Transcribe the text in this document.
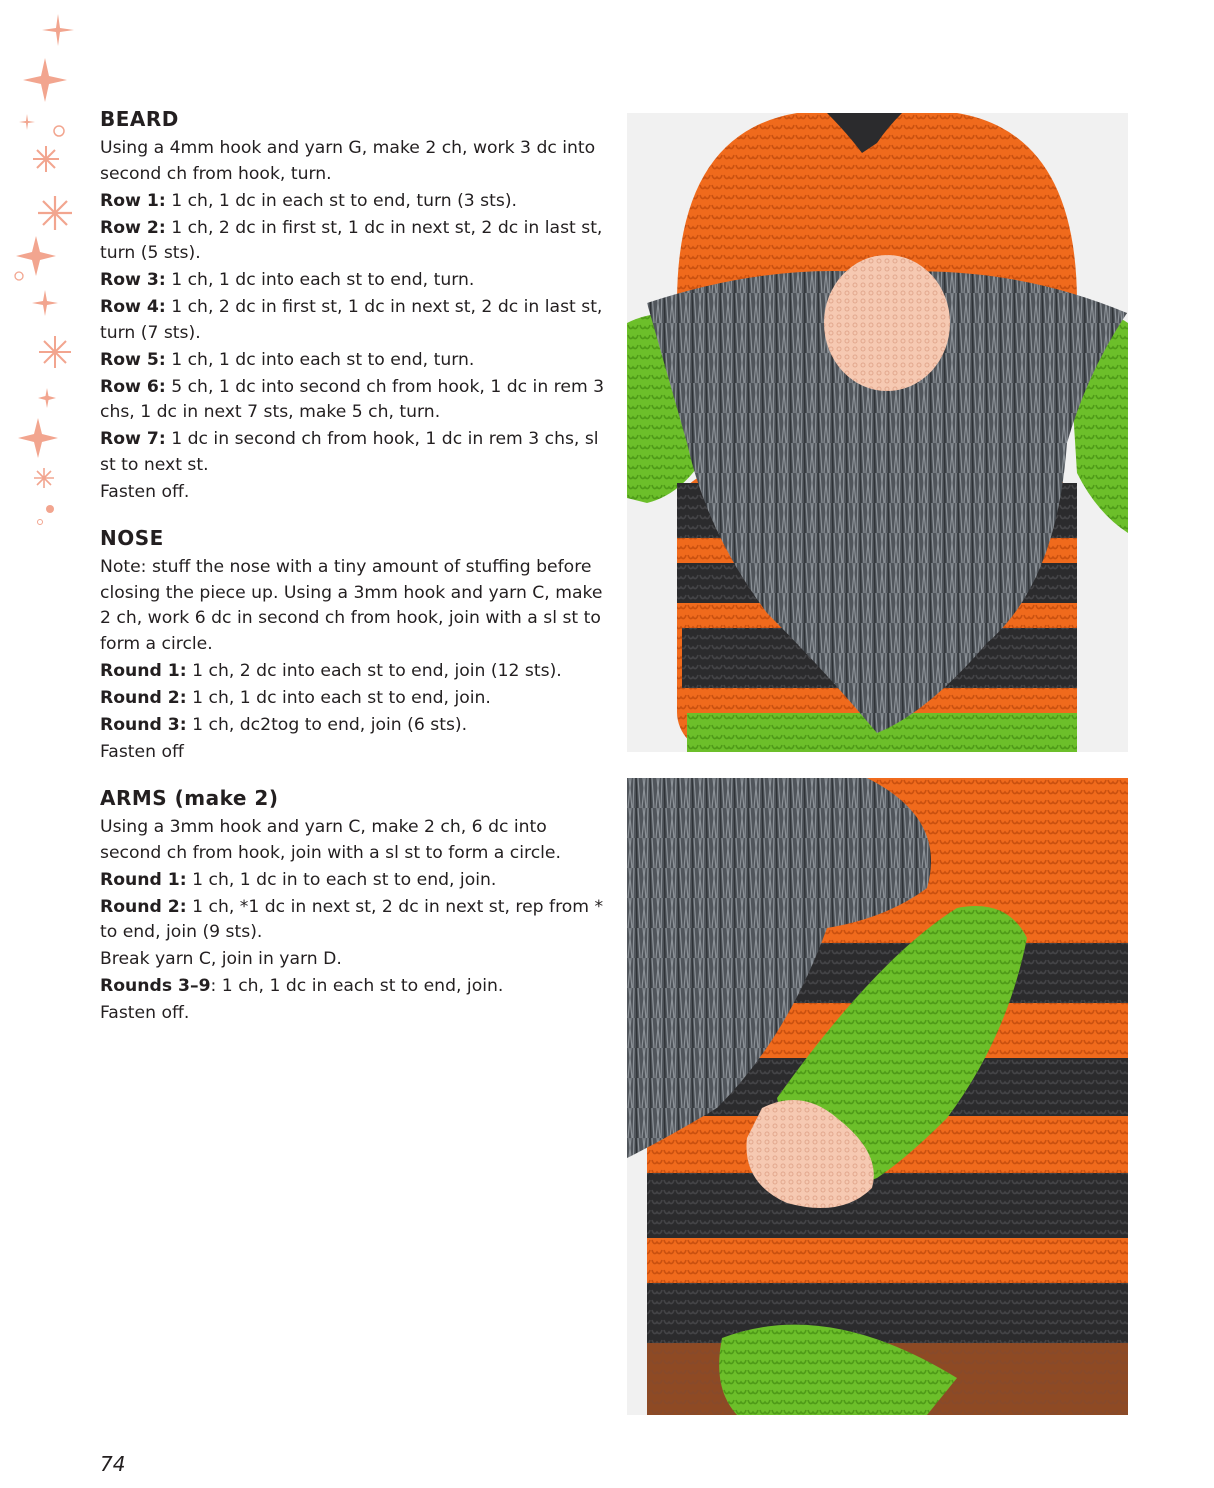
BEARD
Using a 4mm hook and yarn G, make 2 ch, work 3 dc into second ch from hook, turn.
Row 1: 1 ch, 1 dc in each st to end, turn (3 sts).
Row 2: 1 ch, 2 dc in first st, 1 dc in next st, 2 dc in last st, turn (5 sts).
Row 3: 1 ch, 1 dc into each st to end, turn.
Row 4: 1 ch, 2 dc in first st, 1 dc in next st, 2 dc in last st, turn (7 sts).
Row 5: 1 ch, 1 dc into each st to end, turn.
Row 6: 5 ch, 1 dc into second ch from hook, 1 dc in rem 3 chs, 1 dc in next 7 sts, make 5 ch, turn.
Row 7: 1 dc in second ch from hook, 1 dc in rem 3 chs, sl st to next st.
Fasten off.
NOSE
Note: stuff the nose with a tiny amount of stuffing before closing the piece up. Using a 3mm hook and yarn C, make 2 ch, work 6 dc in second ch from hook, join with a sl st to form a circle.
Round 1: 1 ch, 2 dc into each st to end, join (12 sts).
Round 2: 1 ch, 1 dc into each st to end, join.
Round 3: 1 ch, dc2tog to end, join (6 sts).
Fasten off
ARMS (make 2)
Using a 3mm hook and yarn C, make 2 ch, 6 dc into second ch from hook, join with a sl st to form a circle.
Round 1: 1 ch, 1 dc in to each st to end, join.
Round 2: 1 ch, *1 dc in next st, 2 dc in next st, rep from * to end, join (9 sts).
Break yarn C, join in yarn D.
Rounds 3–9: 1 ch, 1 dc in each st to end, join.
Fasten off.
74
